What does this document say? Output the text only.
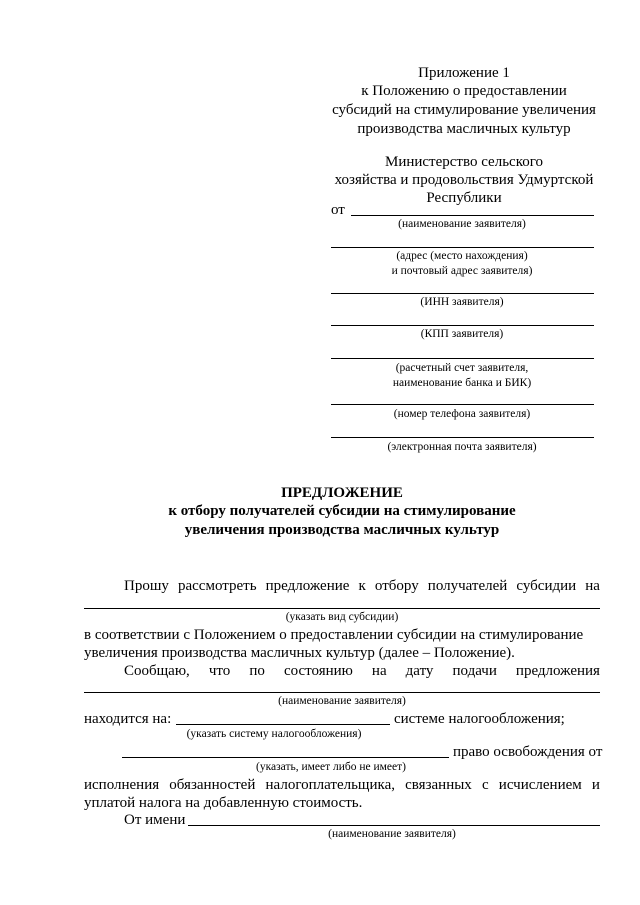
Приложение 1
к Положению о предоставлении
субсидий на стимулирование увеличения
производства масличных культур
Министерство сельского
хозяйства и продовольствия Удмуртской
Республики
от
(наименование заявителя)
(адрес (место нахождения)
и почтовый адрес заявителя)
(ИНН заявителя)
(КПП заявителя)
(расчетный счет заявителя,
наименование банка и БИК)
(номер телефона заявителя)
(электронная почта заявителя)
ПРЕДЛОЖЕНИЕ
к отбору получателей субсидии на стимулирование
увеличения производства масличных культур
Прошу рассмотреть предложение к отбору получателей субсидии на
(указать вид субсидии)
в соответствии с Положением о предоставлении субсидии на стимулирование
увеличения производства масличных культур (далее – Положение).
Сообщаю, что по состоянию на дату подачи предложения
(наименование заявителя)
находится на:	системе налогообложения;
(указать систему налогообложения)
право освобождения от
(указать, имеет либо не имеет)
исполнения обязанностей налогоплательщика, связанных с исчислением и
уплатой налога на добавленную стоимость.
От имени
(наименование заявителя)
